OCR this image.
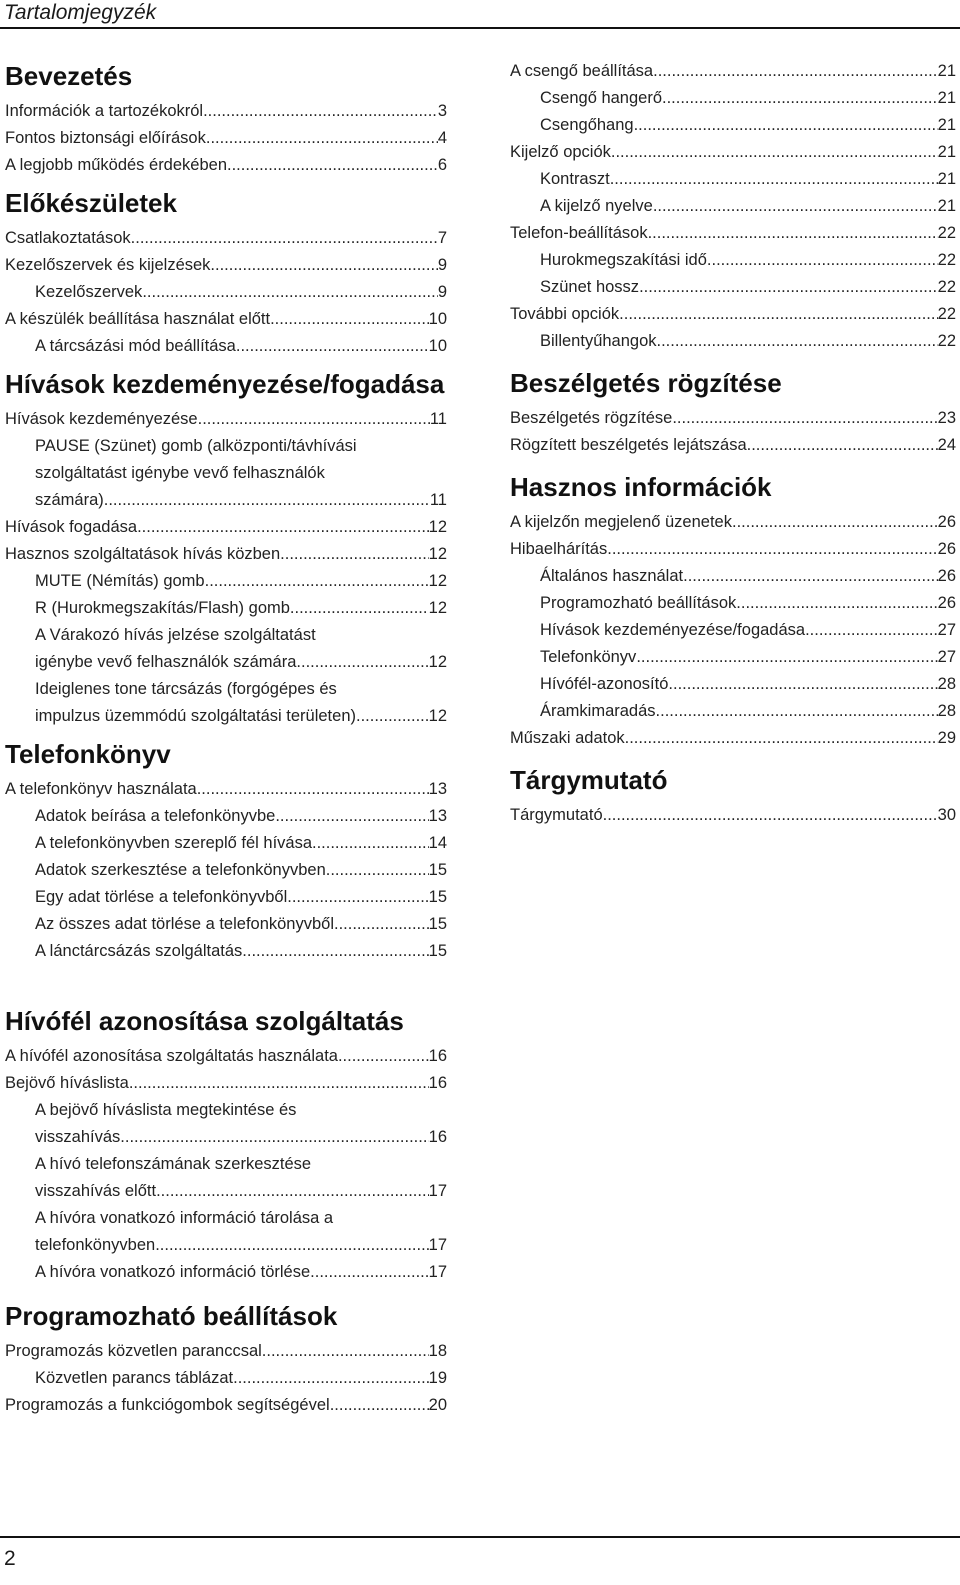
Tartalomjegyzék
Bevezetés
Információk a tartozékokról .....	3
Fontos biztonsági előírások .....	4
A legjobb működés érdekében .....	6
Előkészületek
Csatlakoztatások .....	7
Kezelőszervek és kijelzések .....	9
Kezelőszervek .....	9
A készülék beállítása használat előtt .....	10
A tárcsázási mód beállítása .....	10
Hívások kezdeményezése/fogadása
Hívások kezdeményezése .....	11
PAUSE (Szünet) gomb (alközponti/távhívási
szolgáltatást igénybe vevő felhasználók
számára) .....	11
Hívások fogadása .....	12
Hasznos szolgáltatások hívás közben .....	12
MUTE (Némítás) gomb .....	12
R (Hurokmegszakítás/Flash) gomb .....	12
A Várakozó hívás jelzése szolgáltatást
igénybe vevő felhasználók számára .....	12
Ideiglenes tone tárcsázás (forgógépes és
impulzus üzemmódú szolgáltatási területen) .....	12
Telefonkönyv
A telefonkönyv használata .....	13
Adatok beírása a telefonkönyvbe .....	13
A telefonkönyvben szereplő fél hívása .....	14
Adatok szerkesztése a telefonkönyvben .....	15
Egy adat törlése a telefonkönyvből .....	15
Az összes adat törlése a telefonkönyvből .....	15
A lánctárcsázás szolgáltatás .....	15
Hívófél azonosítása szolgáltatás
A hívófél azonosítása szolgáltatás használata .....	16
Bejövő híváslista .....	16
A bejövő híváslista megtekintése és
visszahívás .....	16
A hívó telefonszámának szerkesztése
visszahívás előtt .....	17
A hívóra vonatkozó információ tárolása a
telefonkönyvben .....	17
A hívóra vonatkozó információ törlése .....	17
Programozható beállítások
Programozás közvetlen paranccsal .....	18
Közvetlen parancs táblázat .....	19
Programozás a funkciógombok segítségével .....	20
A csengő beállítása .....	21
Csengő hangerő .....	21
Csengőhang .....	21
Kijelző opciók .....	21
Kontraszt .....	21
A kijelző nyelve .....	21
Telefon-beállítások .....	22
Hurokmegszakítási idő .....	22
Szünet hossz .....	22
További opciók .....	22
Billentyűhangok .....	22
Beszélgetés rögzítése
Beszélgetés rögzítése .....	23
Rögzített beszélgetés lejátszása .....	24
Hasznos információk
A kijelzőn megjelenő üzenetek .....	26
Hibaelhárítás .....	26
Általános használat .....	26
Programozható beállítások .....	26
Hívások kezdeményezése/fogadása .....	27
Telefonkönyv .....	27
Hívófél-azonosító .....	28
Áramkimaradás .....	28
Műszaki adatok .....	29
Tárgymutató
Tárgymutató .....	30
2
